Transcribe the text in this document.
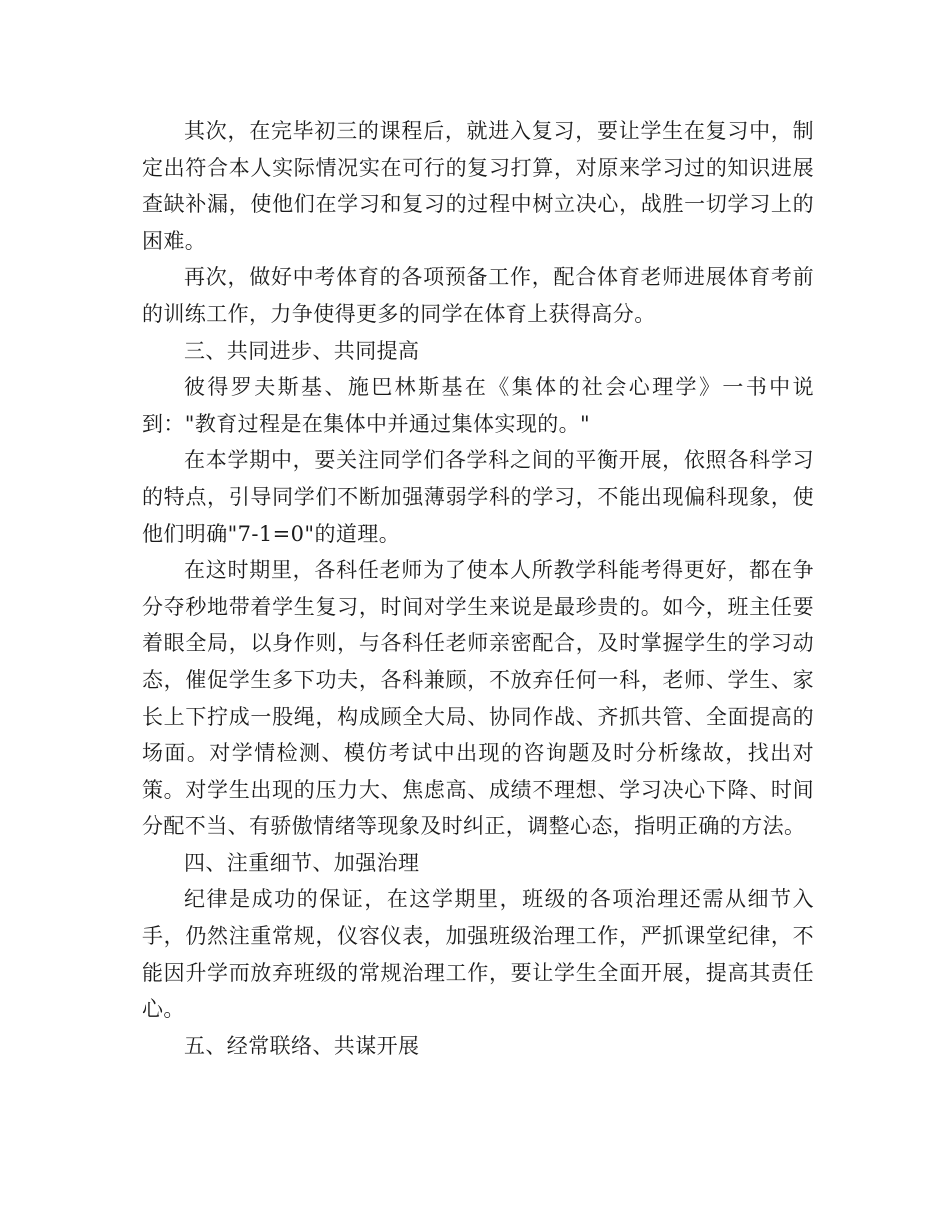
其次，在完毕初三的课程后，就进入复习，要让学生在复习中，制定出符合本人实际情况实在可行的复习打算，对原来学习过的知识进展查缺补漏，使他们在学习和复习的过程中树立决心，战胜一切学习上的困难。

再次，做好中考体育的各项预备工作，配合体育老师进展体育考前的训练工作，力争使得更多的同学在体育上获得高分。

三、共同进步、共同提高

彼得罗夫斯基、施巴林斯基在《集体的社会心理学》一书中说到："教育过程是在集体中并通过集体实现的。"

在本学期中，要关注同学们各学科之间的平衡开展，依照各科学习的特点，引导同学们不断加强薄弱学科的学习，不能出现偏科现象，使他们明确"7-1=0"的道理。

在这时期里，各科任老师为了使本人所教学科能考得更好，都在争分夺秒地带着学生复习，时间对学生来说是最珍贵的。如今，班主任要着眼全局，以身作则，与各科任老师亲密配合，及时掌握学生的学习动态，催促学生多下功夫，各科兼顾，不放弃任何一科，老师、学生、家长上下拧成一股绳，构成顾全大局、协同作战、齐抓共管、全面提高的场面。对学情检测、模仿考试中出现的咨询题及时分析缘故，找出对策。对学生出现的压力大、焦虑高、成绩不理想、学习决心下降、时间分配不当、有骄傲情绪等现象及时纠正，调整心态，指明正确的方法。

四、注重细节、加强治理

纪律是成功的保证，在这学期里，班级的各项治理还需从细节入手，仍然注重常规，仪容仪表，加强班级治理工作，严抓课堂纪律，不能因升学而放弃班级的常规治理工作，要让学生全面开展，提高其责任心。

五、经常联络、共谋开展
